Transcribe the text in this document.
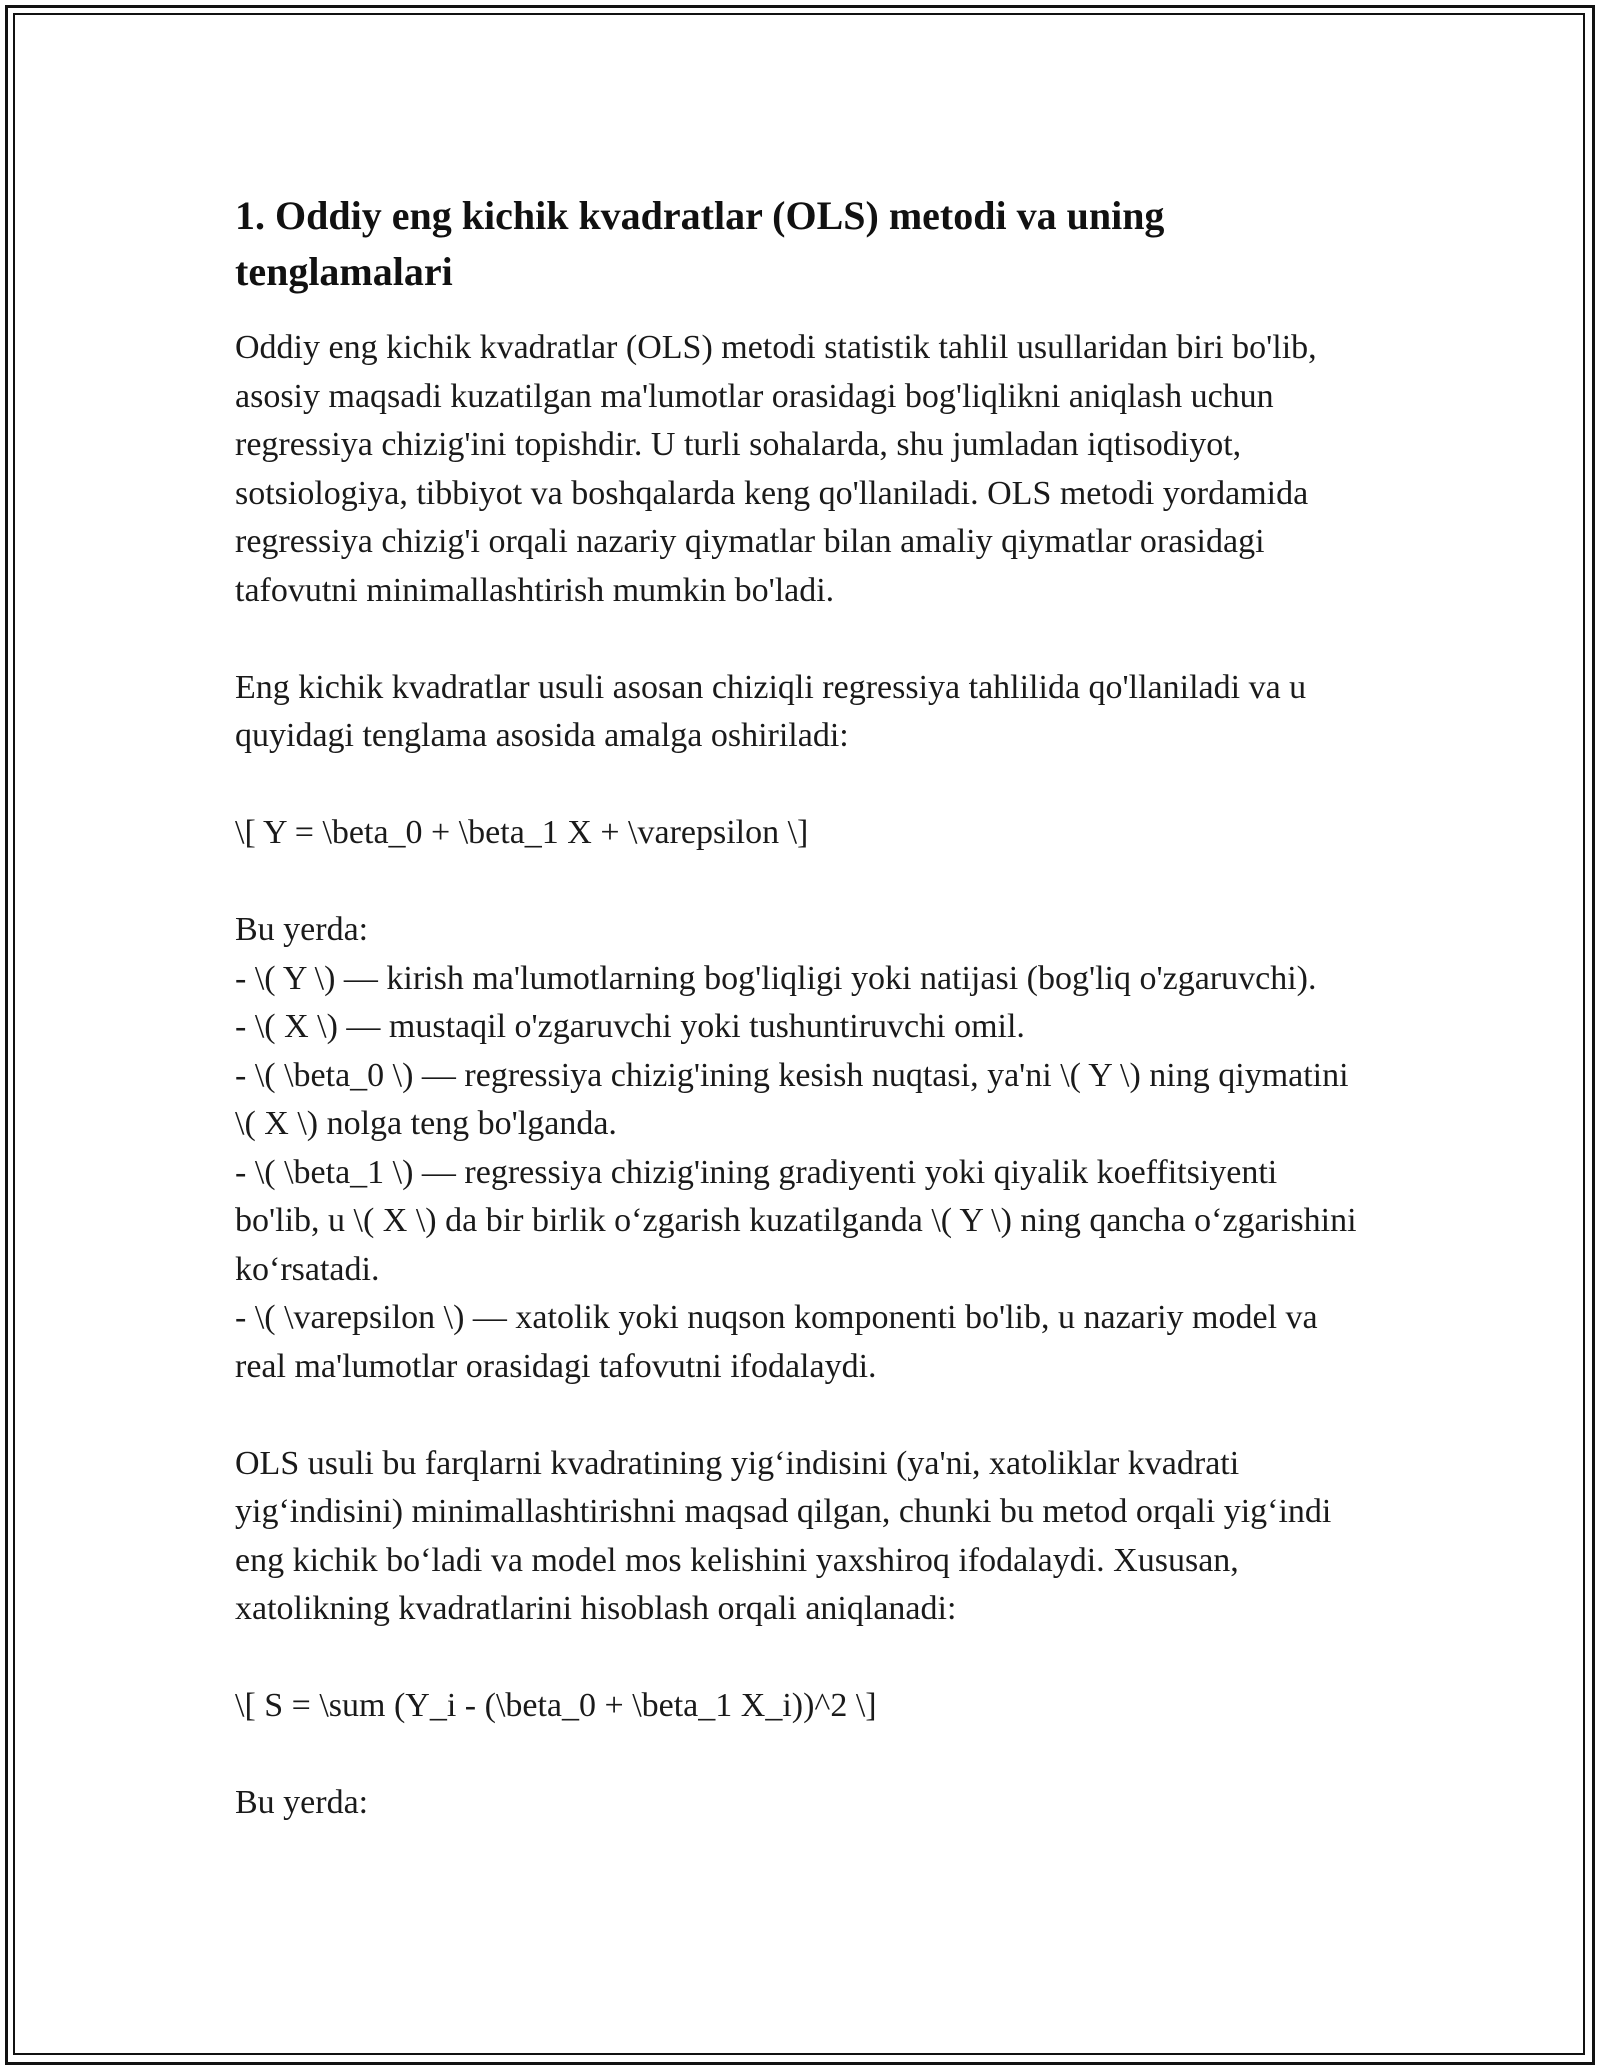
1. Oddiy eng kichik kvadratlar (OLS) metodi va uning tenglamalari

Oddiy eng kichik kvadratlar (OLS) metodi statistik tahlil usullaridan biri bo'lib, asosiy maqsadi kuzatilgan ma'lumotlar orasidagi bog'liqlikni aniqlash uchun regressiya chizig'ini topishdir. U turli sohalarda, shu jumladan iqtisodiyot, sotsiologiya, tibbiyot va boshqalarda keng qo'llaniladi. OLS metodi yordamida regressiya chizig'i orqali nazariy qiymatlar bilan amaliy qiymatlar orasidagi tafovutni minimallashtirish mumkin bo'ladi.

Eng kichik kvadratlar usuli asosan chiziqli regressiya tahlilida qo'llaniladi va u quyidagi tenglama asosida amalga oshiriladi:

\[ Y = \beta_0 + \beta_1 X + \varepsilon \]

Bu yerda:

- \( Y \) — kirish ma'lumotlarning bog'liqligi yoki natijasi (bog'liq o'zgaruvchi).

- \( X \) — mustaqil o'zgaruvchi yoki tushuntiruvchi omil.

- \( \beta_0 \) — regressiya chizig'ining kesish nuqtasi, ya'ni \( Y \) ning qiymatini \( X \) nolga teng bo'lganda.

- \( \beta_1 \) — regressiya chizig'ining gradiyenti yoki qiyalik koeffitsiyenti bo'lib, u \( X \) da bir birlik oʻzgarish kuzatilganda \( Y \) ning qancha oʻzgarishini koʻrsatadi.

- \( \varepsilon \) — xatolik yoki nuqson komponenti bo'lib, u nazariy model va real ma'lumotlar orasidagi tafovutni ifodalaydi.

OLS usuli bu farqlarni kvadratining yigʻindisini (ya'ni, xatoliklar kvadrati yigʻindisini) minimallashtirishni maqsad qilgan, chunki bu metod orqali yigʻindi eng kichik boʻladi va model mos kelishini yaxshiroq ifodalaydi. Xususan, xatolikning kvadratlarini hisoblash orqali aniqlanadi:

\[ S = \sum (Y_i - (\beta_0 + \beta_1 X_i))^2 \]

Bu yerda:
